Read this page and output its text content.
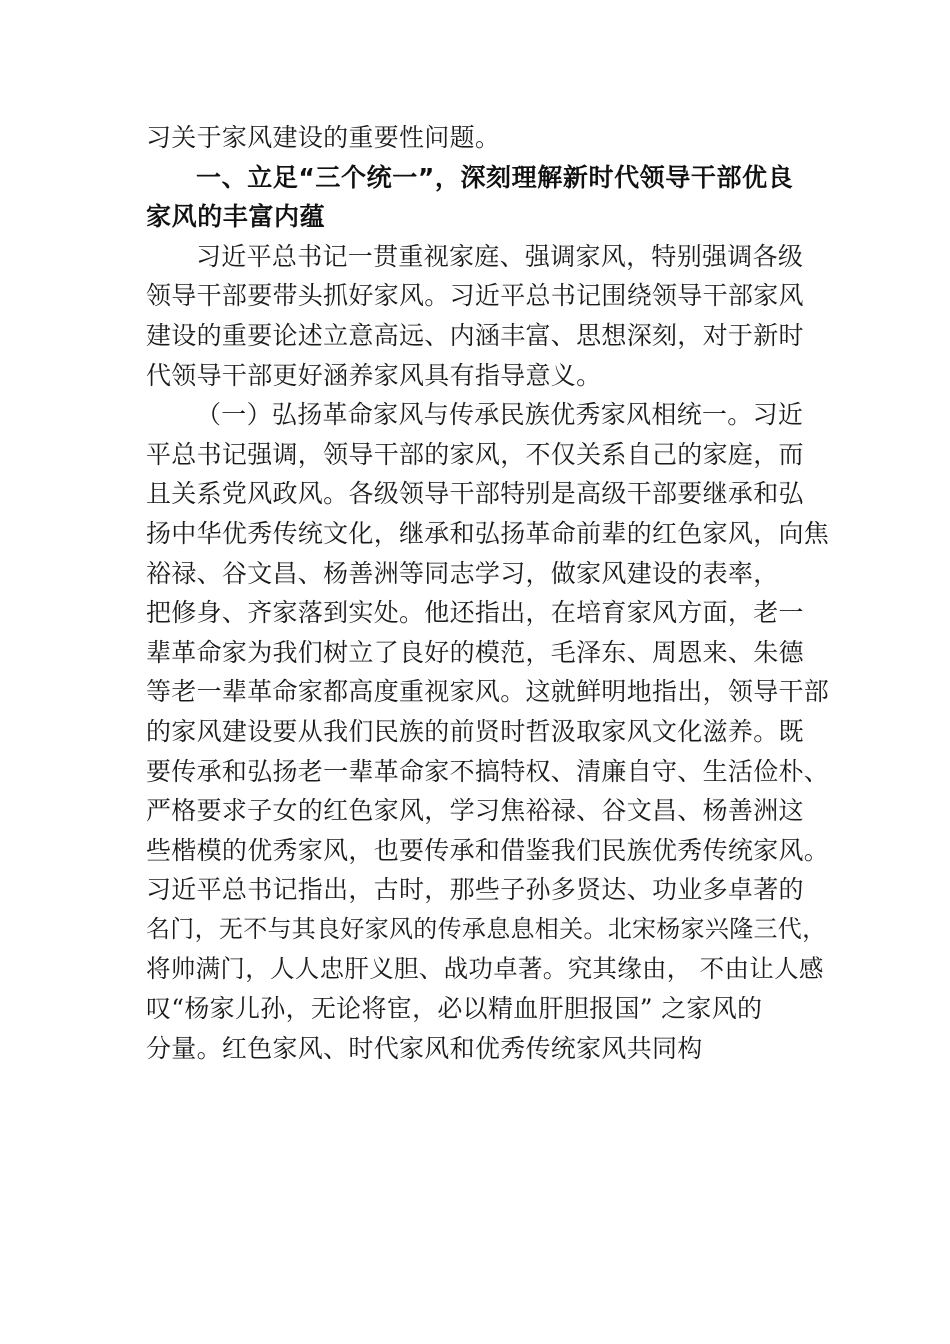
习关于家风建设的重要性问题。
一、立足“三个统一”，深刻理解新时代领导干部优良
家风的丰富内蕴
习近平总书记一贯重视家庭、强调家风，特别强调各级
领导干部要带头抓好家风。习近平总书记围绕领导干部家风
建设的重要论述立意高远、内涵丰富、思想深刻，对于新时
代领导干部更好涵养家风具有指导意义。
（一）弘扬革命家风与传承民族优秀家风相统一。习近
平总书记强调，领导干部的家风，不仅关系自己的家庭，而
且关系党风政风。各级领导干部特别是高级干部要继承和弘
扬中华优秀传统文化，继承和弘扬革命前辈的红色家风，向焦
裕禄、谷文昌、杨善洲等同志学习，做家风建设的表率，
把修身、齐家落到实处。他还指出，在培育家风方面，老一
辈革命家为我们树立了良好的模范，毛泽东、周恩来、朱德
等老一辈革命家都高度重视家风。这就鲜明地指出，领导干部
的家风建设要从我们民族的前贤时哲汲取家风文化滋养。既
要传承和弘扬老一辈革命家不搞特权、清廉自守、生活俭朴、
严格要求子女的红色家风，学习焦裕禄、谷文昌、杨善洲这
些楷模的优秀家风，也要传承和借鉴我们民族优秀传统家风。
习近平总书记指出，古时，那些子孙多贤达、功业多卓著的
名门，无不与其良好家风的传承息息相关。北宋杨家兴隆三代，
将帅满门，人人忠肝义胆、战功卓著。究其缘由， 不由让人感
叹“杨家儿孙，无论将宦，必以精血肝胆报国” 之家风的
分量。红色家风、时代家风和优秀传统家风共同构
